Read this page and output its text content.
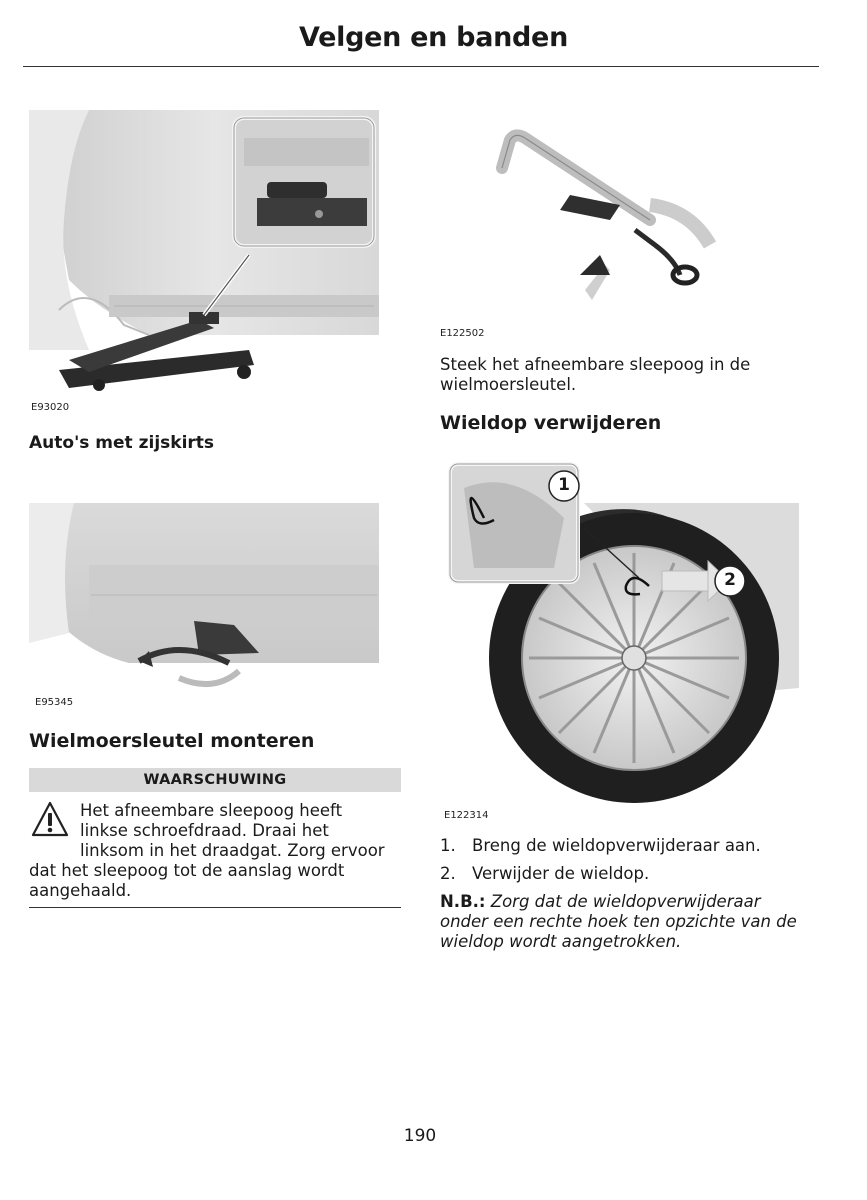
Velgen en banden
E93020
Auto's met zijskirts
E95345
Wielmoersleutel monteren
WAARSCHUWING
Het afneembare sleepoog heeft
linkse schroefdraad. Draai het
linksom in het draadgat. Zorg ervoor
dat het sleepoog tot de aanslag wordt
aangehaald.
E122502
Steek het afneembare sleepoog in de
wielmoersleutel.
Wieldop verwijderen
1
2
E122314
1. Breng de wieldopverwijderaar aan.
2. Verwijder de wieldop.
N.B.: Zorg dat de wieldopverwijderaar
onder een rechte hoek ten opzichte van de
wieldop wordt aangetrokken.
190
